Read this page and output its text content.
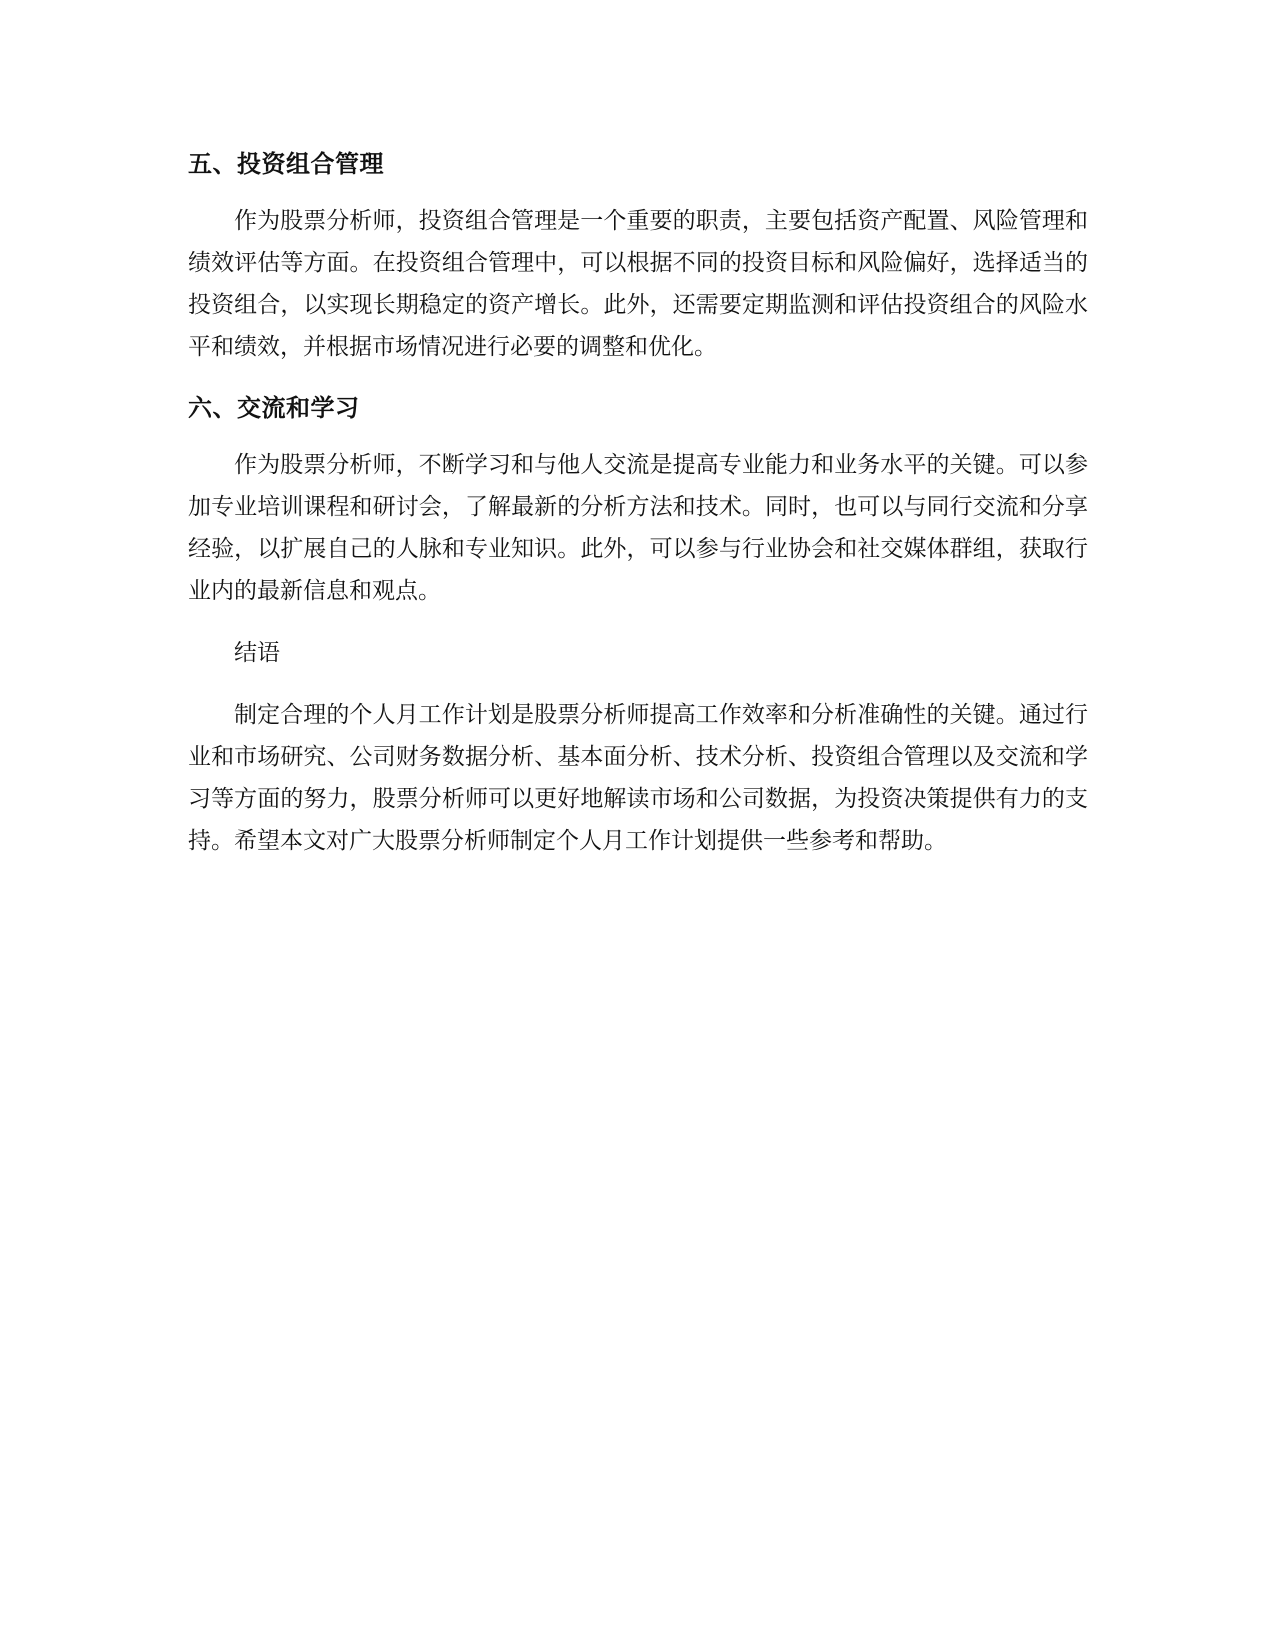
五、投资组合管理

作为股票分析师，投资组合管理是一个重要的职责，主要包括资产配置、风险管理和绩效评估等方面。在投资组合管理中，可以根据不同的投资目标和风险偏好，选择适当的投资组合，以实现长期稳定的资产增长。此外，还需要定期监测和评估投资组合的风险水平和绩效，并根据市场情况进行必要的调整和优化。

六、交流和学习

作为股票分析师，不断学习和与他人交流是提高专业能力和业务水平的关键。可以参加专业培训课程和研讨会，了解最新的分析方法和技术。同时，也可以与同行交流和分享经验，以扩展自己的人脉和专业知识。此外，可以参与行业协会和社交媒体群组，获取行业内的最新信息和观点。

结语

制定合理的个人月工作计划是股票分析师提高工作效率和分析准确性的关键。通过行业和市场研究、公司财务数据分析、基本面分析、技术分析、投资组合管理以及交流和学习等方面的努力，股票分析师可以更好地解读市场和公司数据，为投资决策提供有力的支持。希望本文对广大股票分析师制定个人月工作计划提供一些参考和帮助。
